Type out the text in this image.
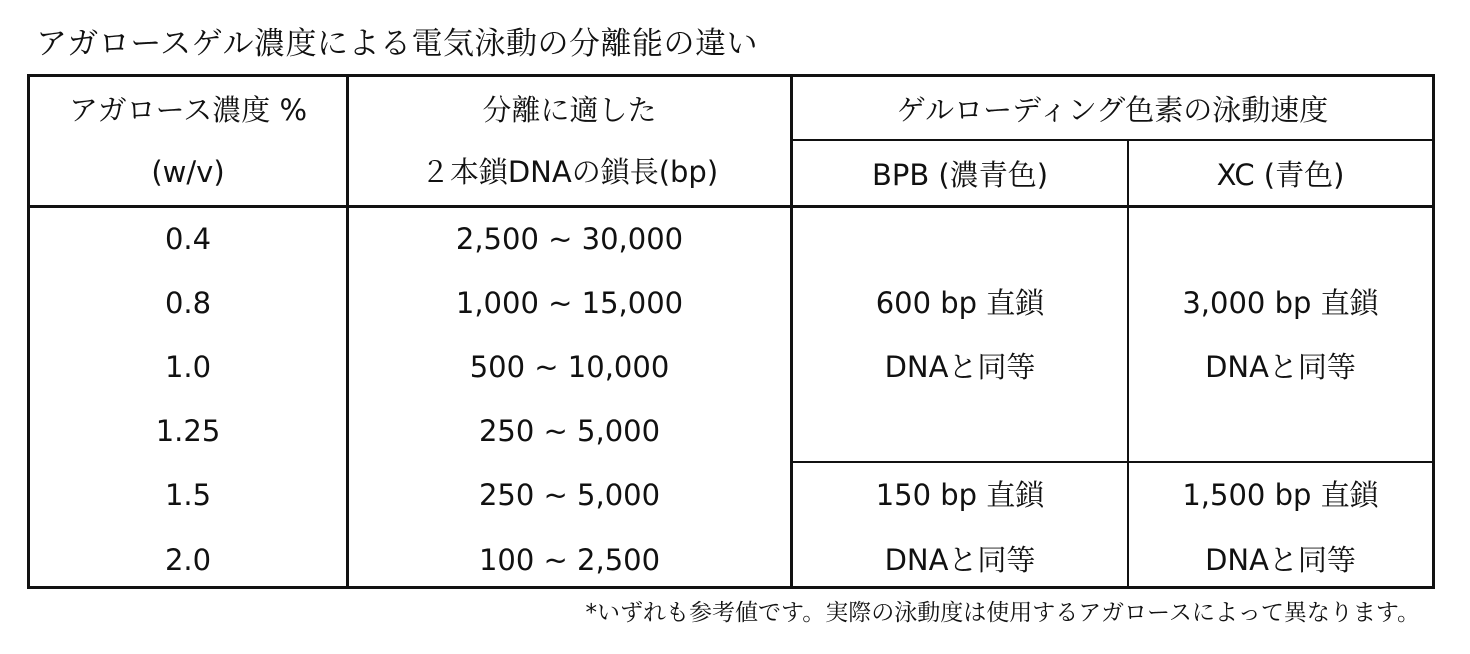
アガロースゲル濃度による電気泳動の分離能の違い
アガロース濃度 %
(w/v)
分離に適した
２本鎖DNAの鎖長(bp)
ゲルローディング色素の泳動速度
BPB (濃青色)	XC (青色)
0.4
0.8
1.0
1.25
1.5
2.0
2,500 ~ 30,000
1,000 ~ 15,000
500 ~ 10,000
250 ~ 5,000
250 ~ 5,000
100 ~ 2,500
600 bp 直鎖
DNAと同等
3,000 bp 直鎖
DNAと同等
150 bp 直鎖
DNAと同等
1,500 bp 直鎖
DNAと同等
*いずれも参考値です。実際の泳動度は使用するアガロースによって異なります。
